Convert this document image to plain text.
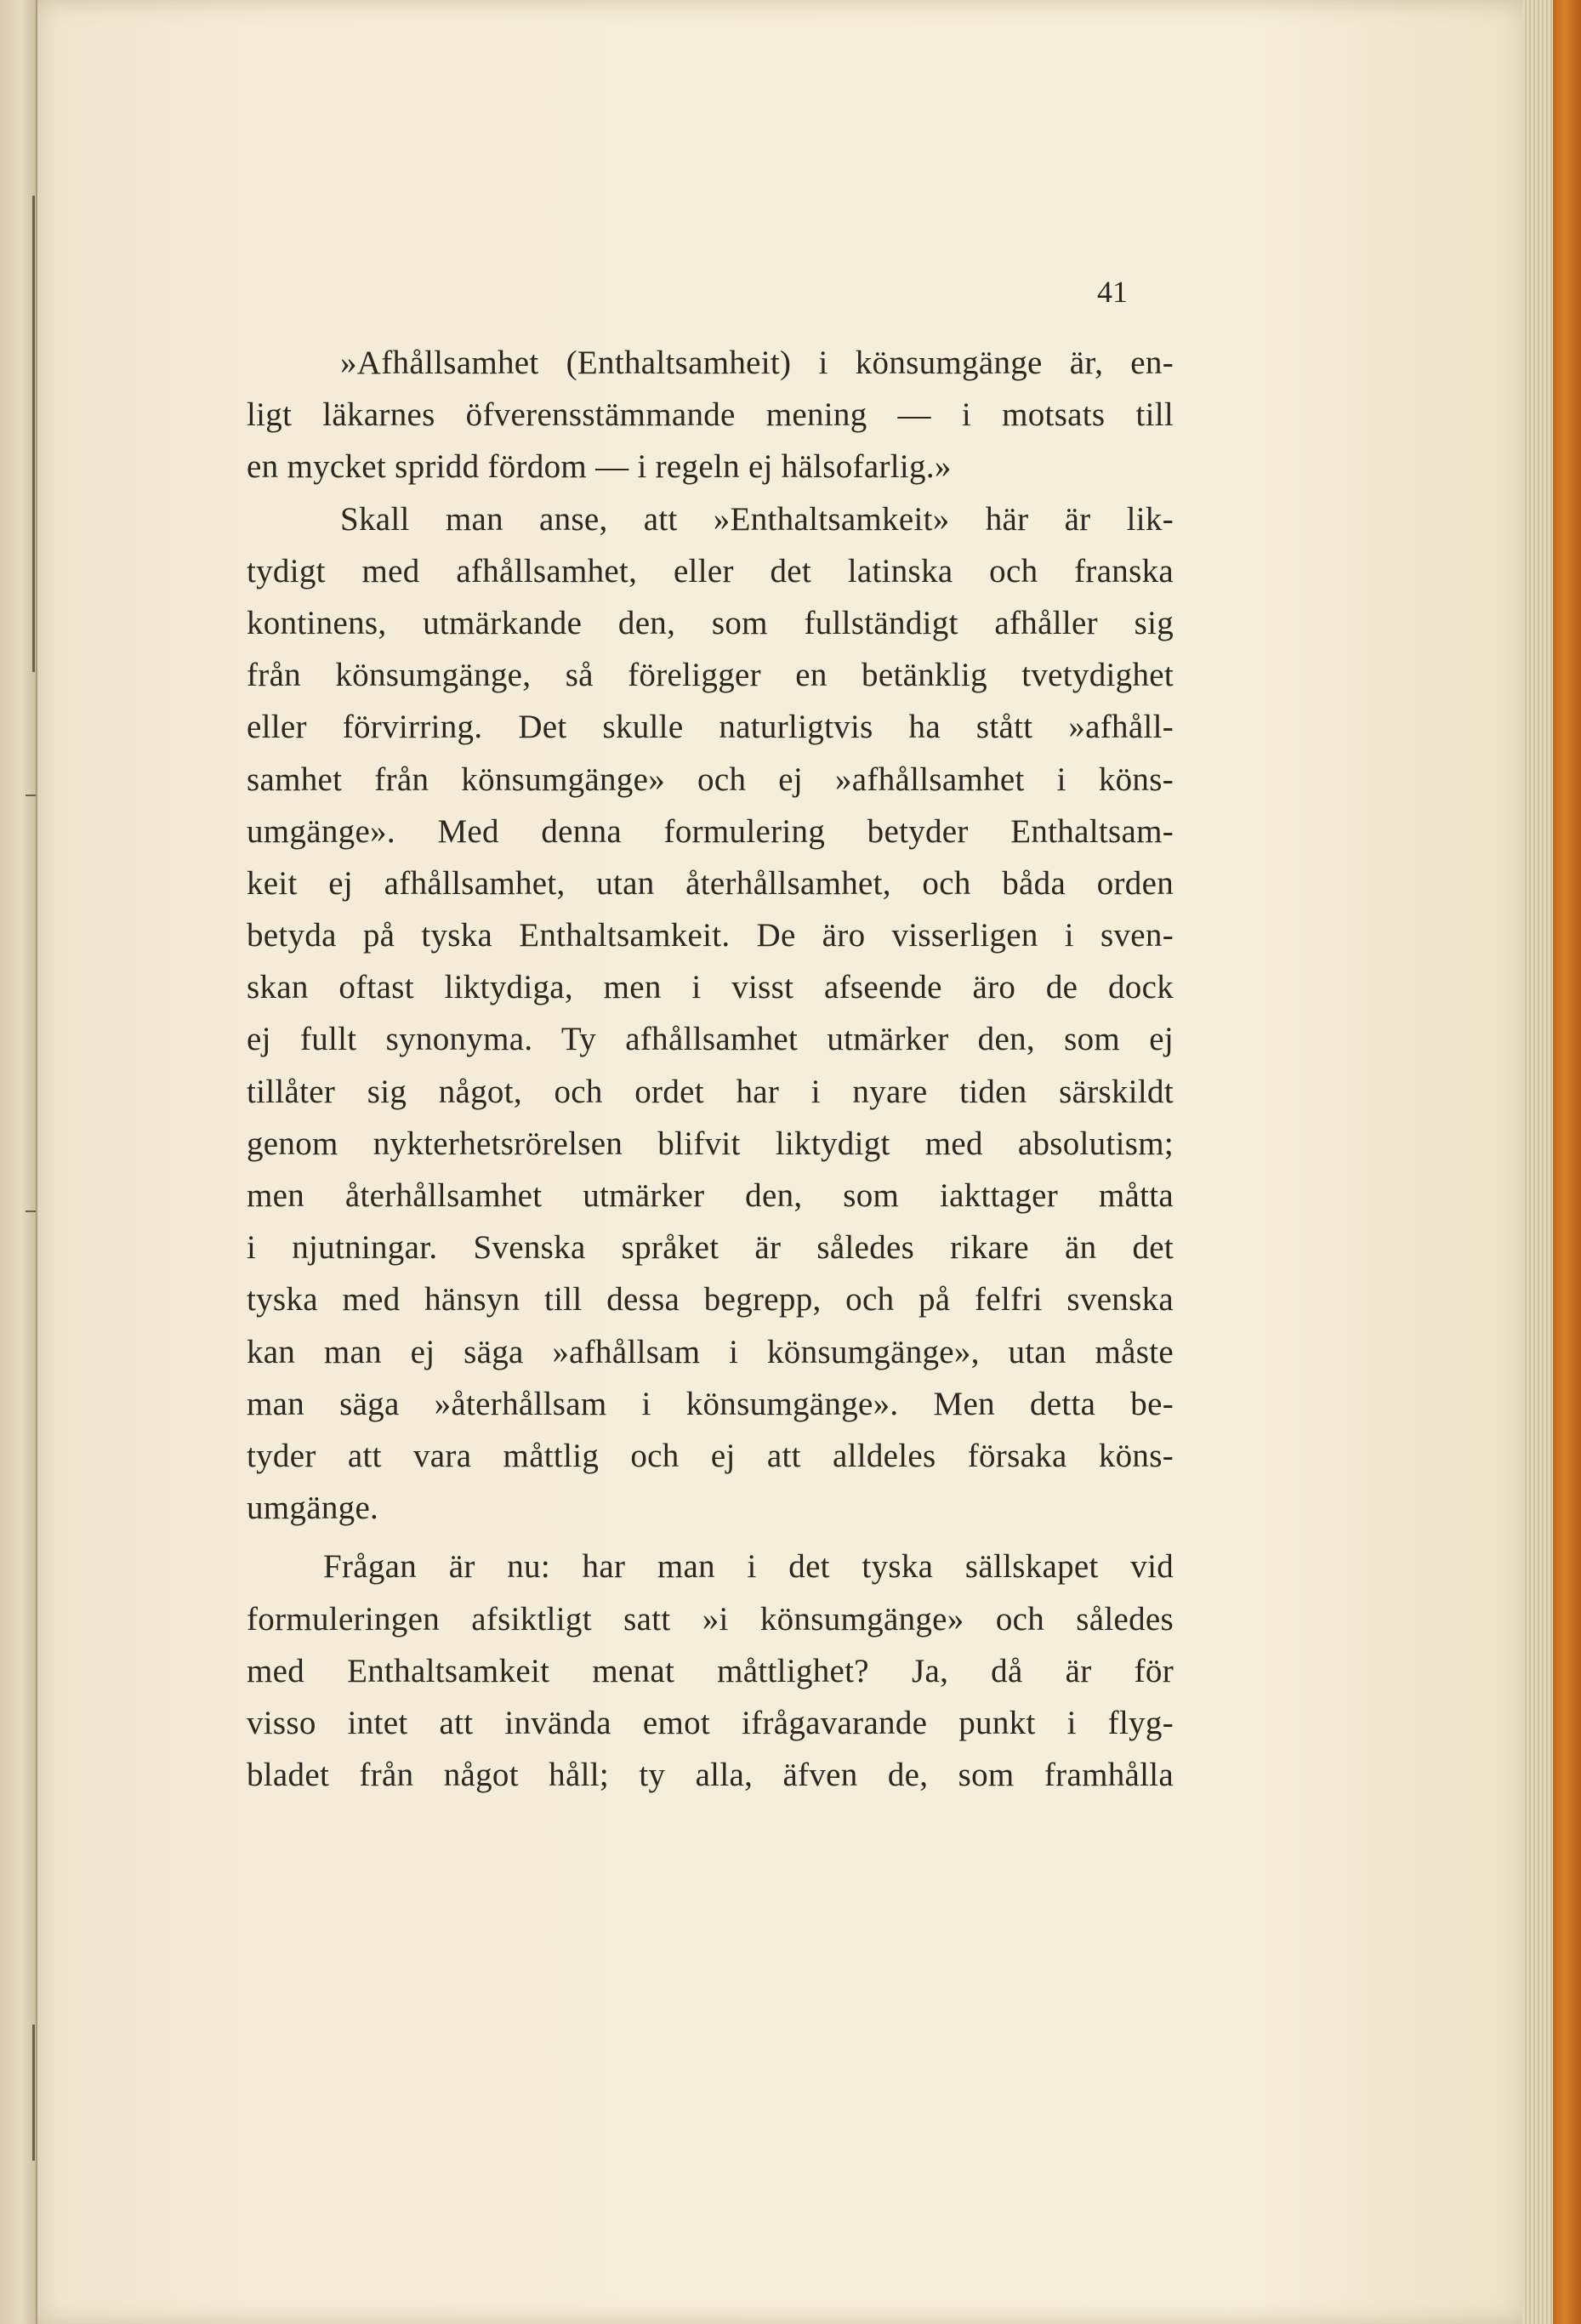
41
»Afhållsamhet (Enthaltsamheit) i könsumgänge är, en-
ligt läkarnes öfverensstämmande mening — i motsats till
en mycket spridd fördom — i regeln ej hälsofarlig.»
Skall man anse, att »Enthaltsamkeit» här är lik-
tydigt med afhållsamhet, eller det latinska och franska
kontinens, utmärkande den, som fullständigt afhåller sig
från könsumgänge, så föreligger en betänklig tvetydighet
eller förvirring. Det skulle naturligtvis ha stått »afhåll-
samhet från könsumgänge» och ej »afhållsamhet i köns-
umgänge». Med denna formulering betyder Enthaltsam-
keit ej afhållsamhet, utan återhållsamhet, och båda orden
betyda på tyska Enthaltsamkeit. De äro visserligen i sven-
skan oftast liktydiga, men i visst afseende äro de dock
ej fullt synonyma. Ty afhållsamhet utmärker den, som ej
tillåter sig något, och ordet har i nyare tiden särskildt
genom nykterhetsrörelsen blifvit liktydigt med absolutism;
men återhållsamhet utmärker den, som iakttager måtta
i njutningar. Svenska språket är således rikare än det
tyska med hänsyn till dessa begrepp, och på felfri svenska
kan man ej säga »afhållsam i könsumgänge», utan måste
man säga »återhållsam i könsumgänge». Men detta be-
tyder att vara måttlig och ej att alldeles försaka köns-
umgänge.
Frågan är nu: har man i det tyska sällskapet vid
formuleringen afsiktligt satt »i könsumgänge» och således
med Enthaltsamkeit menat måttlighet? Ja, då är för
visso intet att invända emot ifrågavarande punkt i flyg-
bladet från något håll; ty alla, äfven de, som framhålla
